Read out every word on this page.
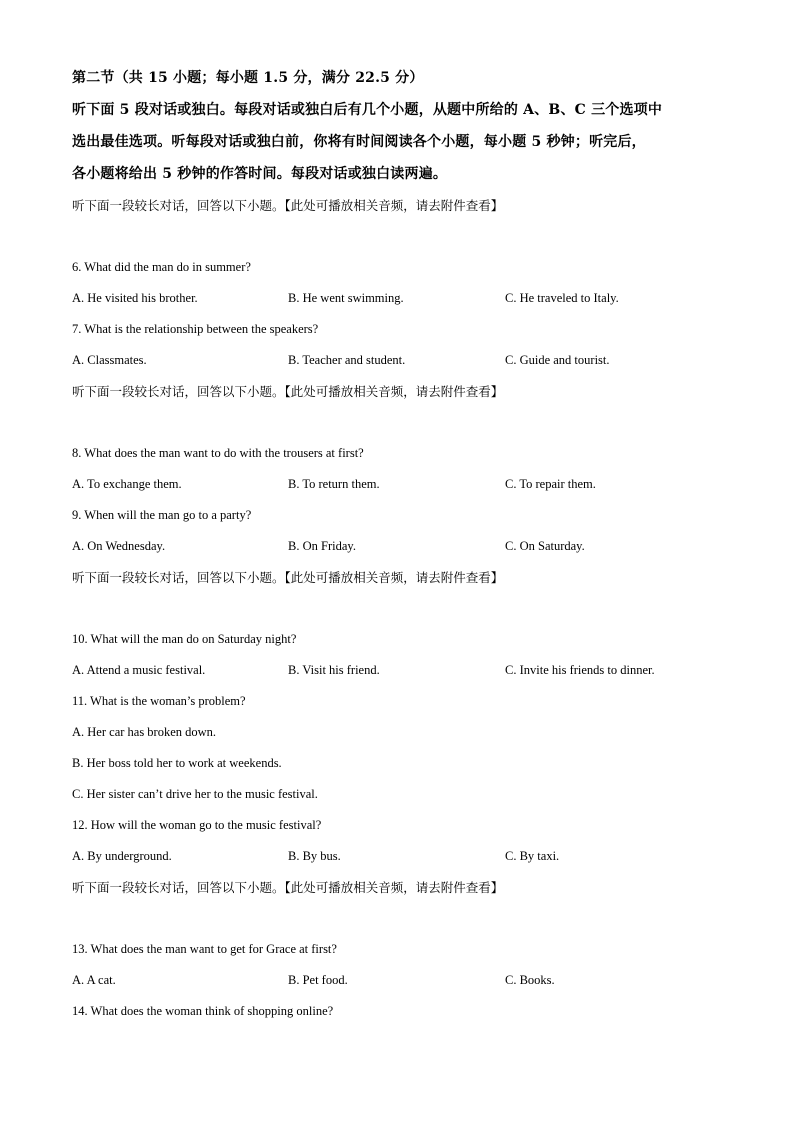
第二节（共 15 小题；每小题 1.5 分，满分 22.5 分）
听下面 5 段对话或独白。每段对话或独白后有几个小题，从题中所给的 A、B、C 三个选项中
选出最佳选项。听每段对话或独白前，你将有时间阅读各个小题，每小题 5 秒钟；听完后，
各小题将给出 5 秒钟的作答时间。每段对话或独白读两遍。
听下面一段较长对话，回答以下小题。【此处可播放相关音频，请去附件查看】
6. What did the man do in summer?
A. He visited his brother.	B. He went swimming.	C. He traveled to Italy.
7. What is the relationship between the speakers?
A. Classmates.	B. Teacher and student.	C. Guide and tourist.
听下面一段较长对话，回答以下小题。【此处可播放相关音频，请去附件查看】
8. What does the man want to do with the trousers at first?
A. To exchange them.	B. To return them.	C. To repair them.
9. When will the man go to a party?
A. On Wednesday.	B. On Friday.	C. On Saturday.
听下面一段较长对话，回答以下小题。【此处可播放相关音频，请去附件查看】
10. What will the man do on Saturday night?
A. Attend a music festival.	B. Visit his friend.	C. Invite his friends to dinner.
11. What is the woman’s problem?
A. Her car has broken down.
B. Her boss told her to work at weekends.
C. Her sister can’t drive her to the music festival.
12. How will the woman go to the music festival?
A. By underground.	B. By bus.	C. By taxi.
听下面一段较长对话，回答以下小题。【此处可播放相关音频，请去附件查看】
13. What does the man want to get for Grace at first?
A. A cat.	B. Pet food.	C. Books.
14. What does the woman think of shopping online?
